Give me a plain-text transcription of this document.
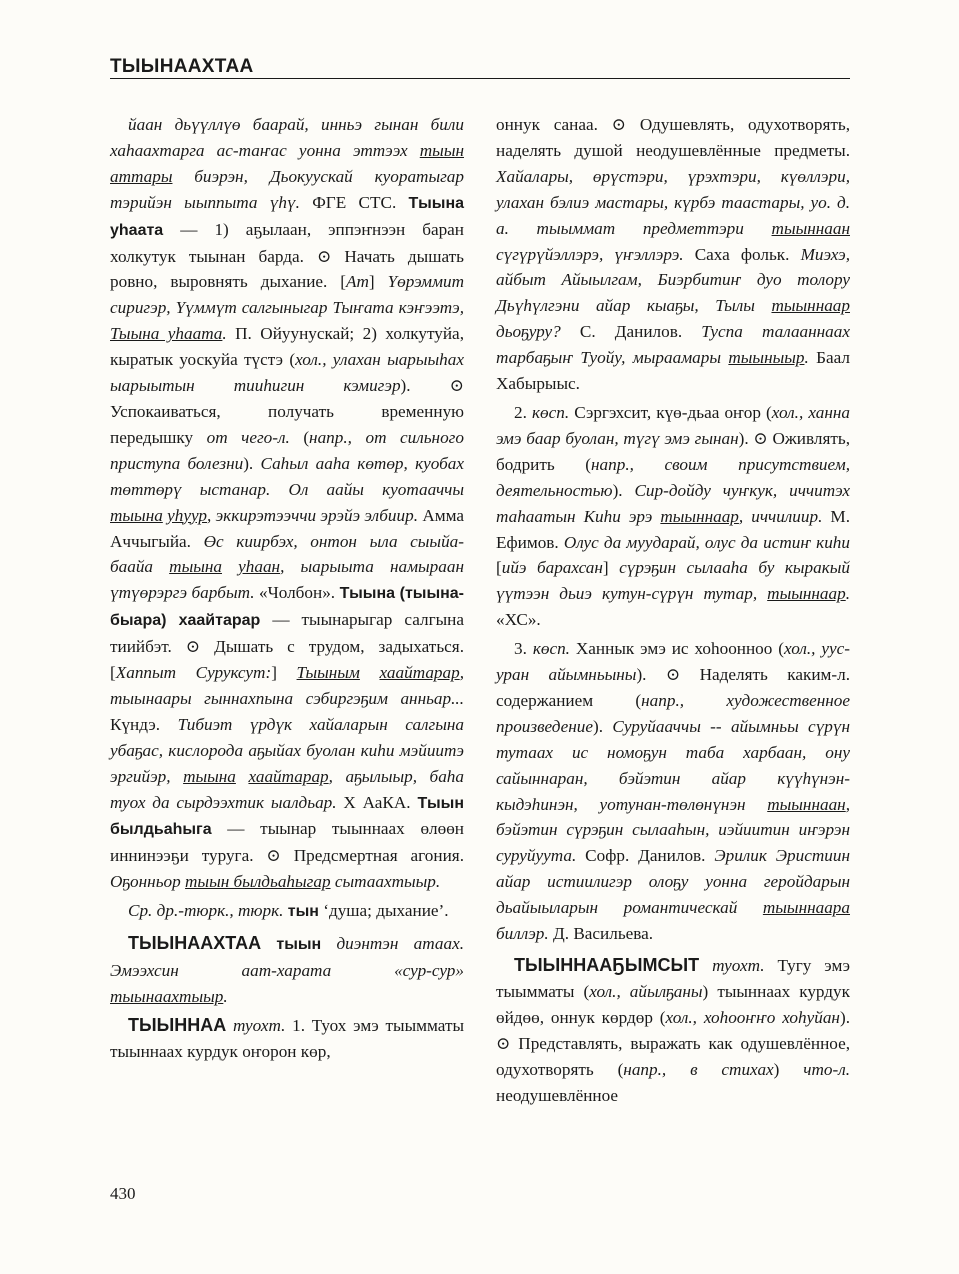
ТЫЫНААХТАА

йаан дьүүллүө баарай, инньэ гынан били хаһаахтарга ас-таҥас уонна эттээх тыын аттары биэрэн, Дьокуускай куоратыгар тэрийэн ыыппыта үһү. ФГЕ СТС. Тыына уһаата — 1) аҕылаан, эппэҥнээн баран холкутук тыынан барда. ⊙ Начать дышать ровно, выровнять дыхание. [Ат] Үөрэммит сиригэр, Үүммүт салгыныгар Тыҥата кэҥээтэ, Тыына уһаата. П. Ойуунускай; 2) холкутуйа, кыратык уоскуйа түстэ (хол., улахан ыарыыһах ыарыытын тииһигин кэмигэр). ⊙ Успокаиваться, получать временную передышку от чего-л. (напр., от сильного приступа болезни). Саһыл ааһа көтөр, куобах төттөрү ыстанар. Ол аайы куотааччы тыына уһуур, эккирэтээччи эрэйэ элбиир. Амма Аччыгыйа. Өс киирбэх, онтон ыла сыыйа-баайа тыына уһаан, ыарыыта намыраан үтүөрэргэ барбыт. «Чолбон». Тыына (тыына-быара) хаайтарар — тыынарыгар салгына тиийбэт. ⊙ Дышать с трудом, задыхаться. [Хаппыт Суруксут:] Тыыным хаайтарар, тыынаары гыннахпына сэбиргэҕим анньар... Күндэ. Тибиэт үрдүк хайаларын салгына убаҕас, кислорода аҕыйах буолан киһи мэйиитэ эргийэр, тыына хаайтарар, аҕылыыр, баһа туох да сырдээхтик ыалдьар. Х АаКА. Тыын былдьаһыга — тыынар тыыннаах өлөөн иннинээҕи туруга. ⊙ Предсмертная агония. Оҕонньор тыын былдьаһыгар сытаахтыыр.

Ср. др.-тюрк., тюрк. тын ‘душа; дыхание’.

ТЫЫНААХТАА тыын диэнтэн атаах. Эмээхсин аат-харата «сур-сур» тыынаахтыыр.

ТЫЫННАА туохт. 1. Туох эмэ тыымматы тыыннаах курдук оҥорон көр,

оннук санаа. ⊙ Одушевлять, одухотворять, наделять душой неодушевлённые предметы. Хайалары, өрүстэри, үрэхтэри, күөллэри, улахан бэлиэ мастары, күрбэ таастары, уо. д. а. тыыммат предметтэри тыыннаан сүгүрүйэллэрэ, үҥэллэрэ. Саха фольк. Миэхэ, айбыт Айыылгам, Биэрбитиҥ дуо толору Дьүһүлгэни айар кыаҕы, Тылы тыыннаар дьоҕуру? С. Данилов. Туспа талааннаах тарбаҕыҥ Туойу, мыраамары тыыныыр. Баал Хабырыыс.

2. көсп. Сэргэхсит, күө-дьаа оҥор (хол., ханна эмэ баар буолан, түгү эмэ гынан). ⊙ Оживлять, бодрить (напр., своим присутствием, деятельностью). Сир-дойду чуҥкук, иччитэх таһаатын Киһи эрэ тыыннаар, иччилиир. М. Ефимов. Олус да муударай, олус да истиҥ киһи [ийэ барахсан] сүрэҕин сылааһа бу кыракый үүтээн дьиэ кутун-сүрүн тутар, тыыннаар. «ХС».

3. көсп. Ханнык эмэ ис хоһоонноо (хол., уус-уран айымньыны). ⊙ Наделять каким-л. содержанием (напр., художественное произведение). Суруйааччы -- айымньы сүрүн тутаах ис номоҕун таба харбаан, ону сайыннаран, бэйэтин айар күүһүнэн-кыдэһинэн, уотунан-төлөнүнэн тыыннаан, бэйэтин сүрэҕин сылааһын, иэйиитин иҥэрэн суруйуута. Софр. Данилов. Эрилик Эристиин айар истиилигэр олоҕу уонна геройдарын дьайыыларын романтическай тыыннаара биллэр. Д. Васильева.

ТЫЫННААҔЫМСЫТ туохт. Тугу эмэ тыымматы (хол., айылҕаны) тыыннаах курдук өйдөө, оннук көрдөр (хол., хоһооҥҥо хоһуйан). ⊙ Представлять, выражать как одушевлённое, одухотворять (напр., в стихах) что-л. неодушевлённое

430
